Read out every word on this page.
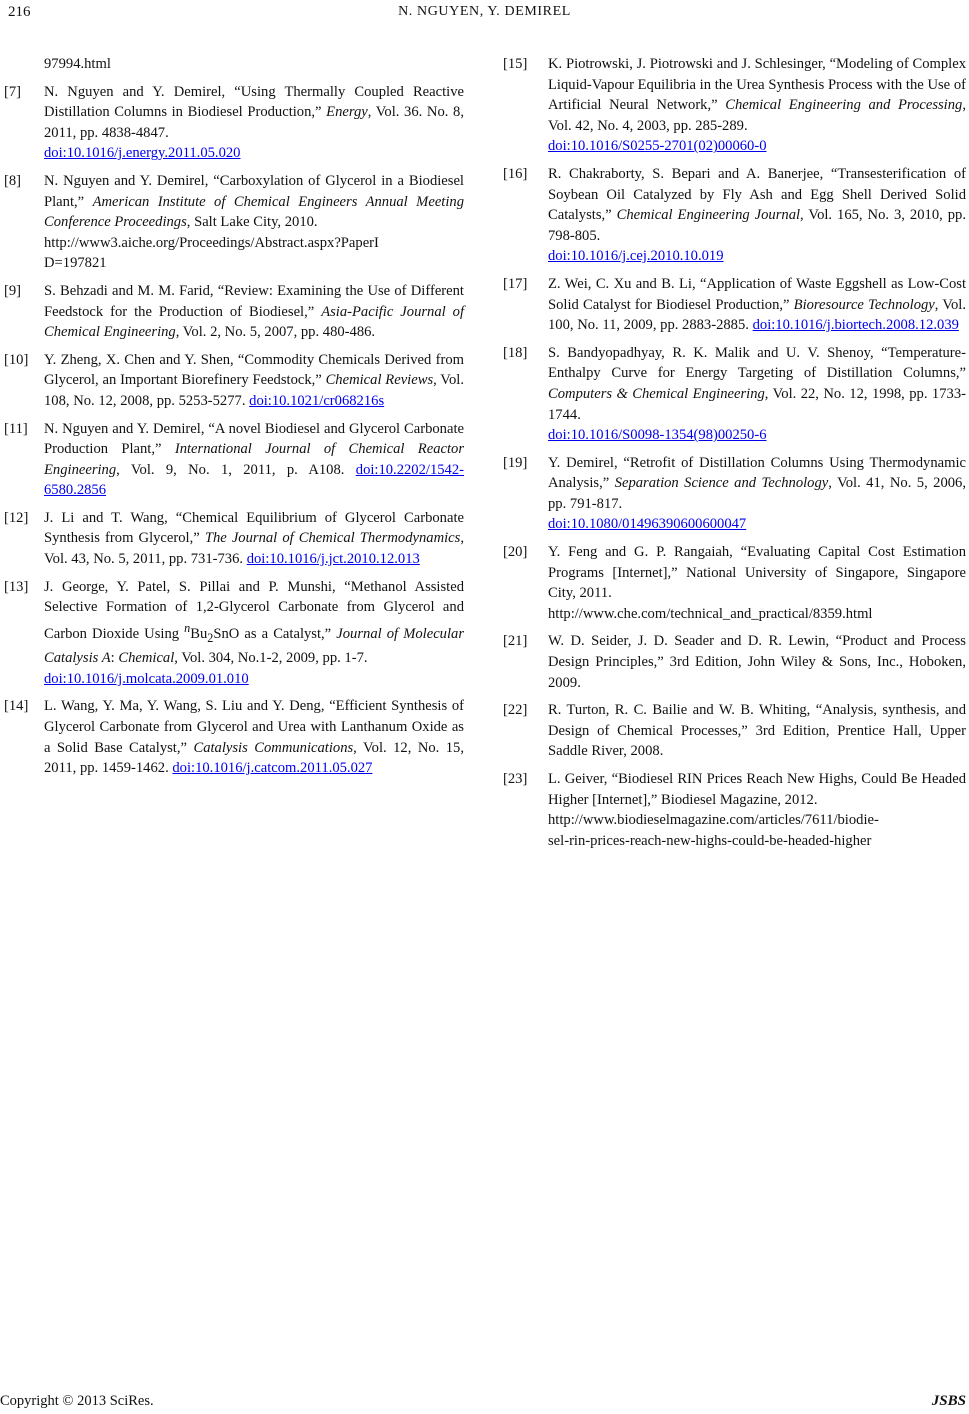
216	N. NGUYEN, Y. DEMIREL
97994.html
[7]	N. Nguyen and Y. Demirel, “Using Thermally Coupled Reactive Distillation Columns in Biodiesel Production,” Energy, Vol. 36. No. 8, 2011, pp. 4838-4847.
doi:10.1016/j.energy.2011.05.020
[8]	N. Nguyen and Y. Demirel, “Carboxylation of Glycerol in a Biodiesel Plant,” American Institute of Chemical Engineers Annual Meeting Conference Proceedings, Salt Lake City, 2010.
http://www3.aiche.org/Proceedings/Abstract.aspx?PaperI
D=197821
[9]	S. Behzadi and M. M. Farid, “Review: Examining the Use of Different Feedstock for the Production of Biodiesel,” Asia-Pacific Journal of Chemical Engineering, Vol. 2, No. 5, 2007, pp. 480-486.
[10]	Y. Zheng, X. Chen and Y. Shen, “Commodity Chemicals Derived from Glycerol, an Important Biorefinery Feedstock,” Chemical Reviews, Vol. 108, No. 12, 2008, pp. 5253-5277. doi:10.1021/cr068216s
[11]	N. Nguyen and Y. Demirel, “A novel Biodiesel and Glycerol Carbonate Production Plant,” International Journal of Chemical Reactor Engineering, Vol. 9, No. 1, 2011, p. A108. doi:10.2202/1542-6580.2856
[12]	J. Li and T. Wang, “Chemical Equilibrium of Glycerol Carbonate Synthesis from Glycerol,” The Journal of Chemical Thermodynamics, Vol. 43, No. 5, 2011, pp. 731-736. doi:10.1016/j.jct.2010.12.013
[13]	J. George, Y. Patel, S. Pillai and P. Munshi, “Methanol Assisted Selective Formation of 1,2-Glycerol Carbonate from Glycerol and Carbon Dioxide Using $^nBu_2SnO$ as a Catalyst,” Journal of Molecular Catalysis A: Chemical, Vol. 304, No.1-2, 2009, pp. 1-7.
doi:10.1016/j.molcata.2009.01.010
[14]	L. Wang, Y. Ma, Y. Wang, S. Liu and Y. Deng, “Efficient Synthesis of Glycerol Carbonate from Glycerol and Urea with Lanthanum Oxide as a Solid Base Catalyst,” Catalysis Communications, Vol. 12, No. 15, 2011, pp. 1459-1462. doi:10.1016/j.catcom.2011.05.027
[15]	K. Piotrowski, J. Piotrowski and J. Schlesinger, “Modeling of Complex Liquid-Vapour Equilibria in the Urea Synthesis Process with the Use of Artificial Neural Network,” Chemical Engineering and Processing, Vol. 42, No. 4, 2003, pp. 285-289.
doi:10.1016/S0255-2701(02)00060-0
[16]	R. Chakraborty, S. Bepari and A. Banerjee, “Transesterification of Soybean Oil Catalyzed by Fly Ash and Egg Shell Derived Solid Catalysts,” Chemical Engineering Journal, Vol. 165, No. 3, 2010, pp. 798-805.
doi:10.1016/j.cej.2010.10.019
[17]	Z. Wei, C. Xu and B. Li, “Application of Waste Eggshell as Low-Cost Solid Catalyst for Biodiesel Production,” Bioresource Technology, Vol. 100, No. 11, 2009, pp. 2883-2885. doi:10.1016/j.biortech.2008.12.039
[18]	S. Bandyopadhyay, R. K. Malik and U. V. Shenoy, “Temperature-Enthalpy Curve for Energy Targeting of Distillation Columns,” Computers & Chemical Engineering, Vol. 22, No. 12, 1998, pp. 1733-1744.
doi:10.1016/S0098-1354(98)00250-6
[19]	Y. Demirel, “Retrofit of Distillation Columns Using Thermodynamic Analysis,” Separation Science and Technology, Vol. 41, No. 5, 2006, pp. 791-817.
doi:10.1080/01496390600600047
[20]	Y. Feng and G. P. Rangaiah, “Evaluating Capital Cost Estimation Programs [Internet],” National University of Singapore, Singapore City, 2011.
http://www.che.com/technical_and_practical/8359.html
[21]	W. D. Seider, J. D. Seader and D. R. Lewin, “Product and Process Design Principles,” 3rd Edition, John Wiley & Sons, Inc., Hoboken, 2009.
[22]	R. Turton, R. C. Bailie and W. B. Whiting, “Analysis, synthesis, and Design of Chemical Processes,” 3rd Edition, Prentice Hall, Upper Saddle River, 2008.
[23]	L. Geiver, “Biodiesel RIN Prices Reach New Highs, Could Be Headed Higher [Internet],” Biodiesel Magazine, 2012.
http://www.biodieselmagazine.com/articles/7611/biodie-
sel-rin-prices-reach-new-highs-could-be-headed-higher
Copyright © 2013 SciRes.	JSBS
